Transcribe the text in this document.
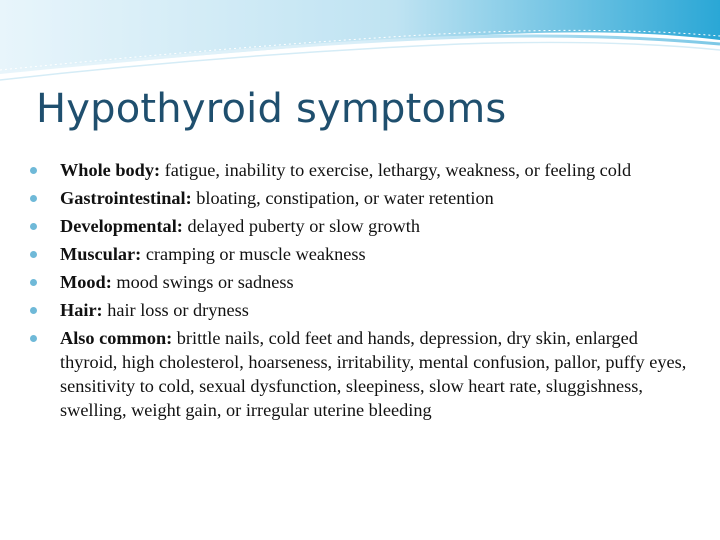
Hypothyroid symptoms
Whole body: fatigue, inability to exercise, lethargy, weakness, or feeling cold
Gastrointestinal: bloating, constipation, or water retention
Developmental: delayed puberty or slow growth
Muscular: cramping or muscle weakness
Mood: mood swings or sadness
Hair: hair loss or dryness
Also common: brittle nails, cold feet and hands, depression, dry skin, enlarged thyroid, high cholesterol, hoarseness, irritability, mental confusion, pallor, puffy eyes, sensitivity to cold, sexual dysfunction, sleepiness, slow heart rate, sluggishness, swelling, weight gain, or irregular uterine bleeding
